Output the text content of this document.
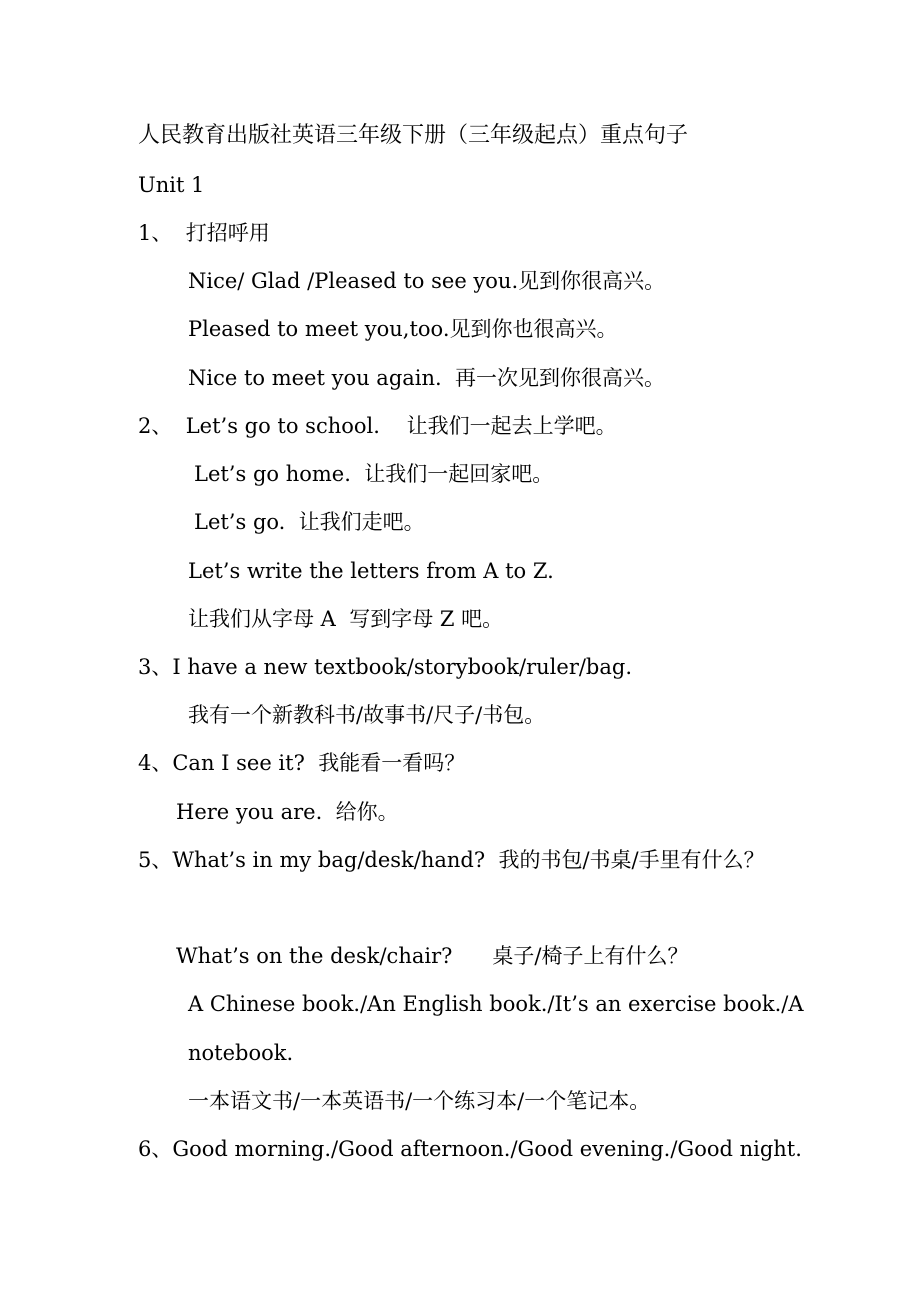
人民教育出版社英语三年级下册（三年级起点）重点句子
Unit 1
1、  打招呼用
Nice/ Glad /Pleased to see you.见到你很高兴。
Pleased to meet you,too.见到你也很高兴。
Nice to meet you again.  再一次见到你很高兴。
2、  Let’s go to school.    让我们一起去上学吧。
Let’s go home.  让我们一起回家吧。
Let’s go.  让我们走吧。
Let’s write the letters from A to Z.
让我们从字母 A  写到字母 Z 吧。
3、I have a new textbook/storybook/ruler/bag.
我有一个新教科书/故事书/尺子/书包。
4、Can I see it?  我能看一看吗？
Here you are.  给你。
5、What’s in my bag/desk/hand?  我的书包/书桌/手里有什么？
What’s on the desk/chair?      桌子/椅子上有什么？
A Chinese book./An English book./It’s an exercise book./A
notebook.
一本语文书/一本英语书/一个练习本/一个笔记本。
6、Good morning./Good afternoon./Good evening./Good night.
